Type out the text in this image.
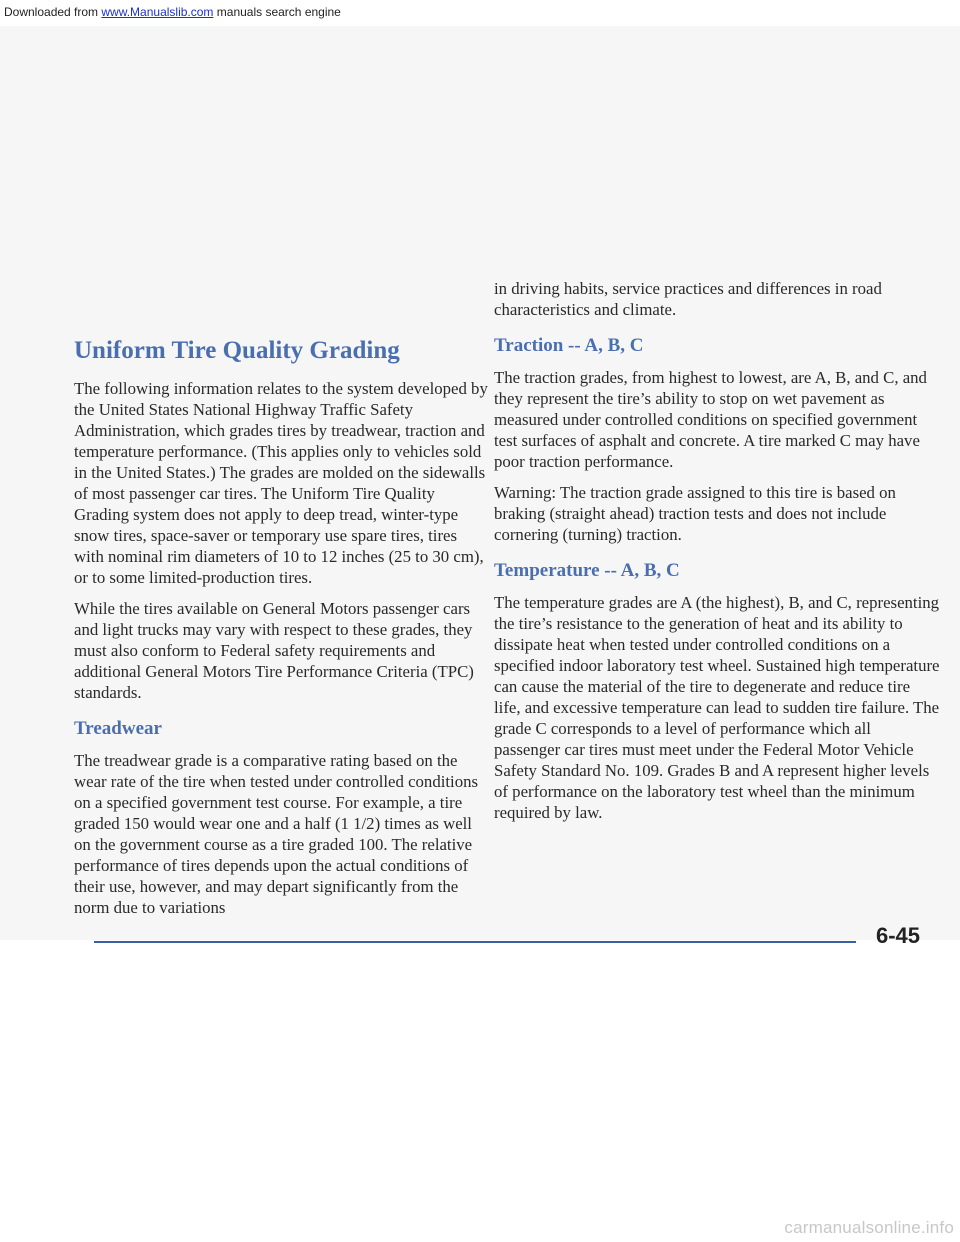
Downloaded from www.Manualslib.com manuals search engine
Uniform Tire Quality Grading

The following information relates to the system developed by the United States National Highway Traffic Safety Administration, which grades tires by treadwear, traction and temperature performance. (This applies only to vehicles sold in the United States.) The grades are molded on the sidewalls of most passenger car tires. The Uniform Tire Quality Grading system does not apply to deep tread, winter-type snow tires, space-saver or temporary use spare tires, tires with nominal rim diameters of 10 to 12 inches (25 to 30 cm), or to some limited-production tires.

While the tires available on General Motors passenger cars and light trucks may vary with respect to these grades, they must also conform to Federal safety requirements and additional General Motors Tire Performance Criteria (TPC) standards.

Treadwear

The treadwear grade is a comparative rating based on the wear rate of the tire when tested under controlled conditions on a specified government test course. For example, a tire graded 150 would wear one and a half (1 1/2) times as well on the government course as a tire graded 100. The relative performance of tires depends upon the actual conditions of their use, however, and may depart significantly from the norm due to variations

in driving habits, service practices and differences in road characteristics and climate.

Traction -- A, B, C

The traction grades, from highest to lowest, are A, B, and C, and they represent the tire’s ability to stop on wet pavement as measured under controlled conditions on specified government test surfaces of asphalt and concrete. A tire marked C may have poor traction performance.

Warning: The traction grade assigned to this tire is based on braking (straight ahead) traction tests and does not include cornering (turning) traction.

Temperature -- A, B, C

The temperature grades are A (the highest), B, and C, representing the tire’s resistance to the generation of heat and its ability to dissipate heat when tested under controlled conditions on a specified indoor laboratory test wheel. Sustained high temperature can cause the material of the tire to degenerate and reduce tire life, and excessive temperature can lead to sudden tire failure. The grade C corresponds to a level of performance which all passenger car tires must meet under the Federal Motor Vehicle Safety Standard No. 109. Grades B and A represent higher levels of performance on the laboratory test wheel than the minimum required by law.

6-45
carmanualsonline.info
